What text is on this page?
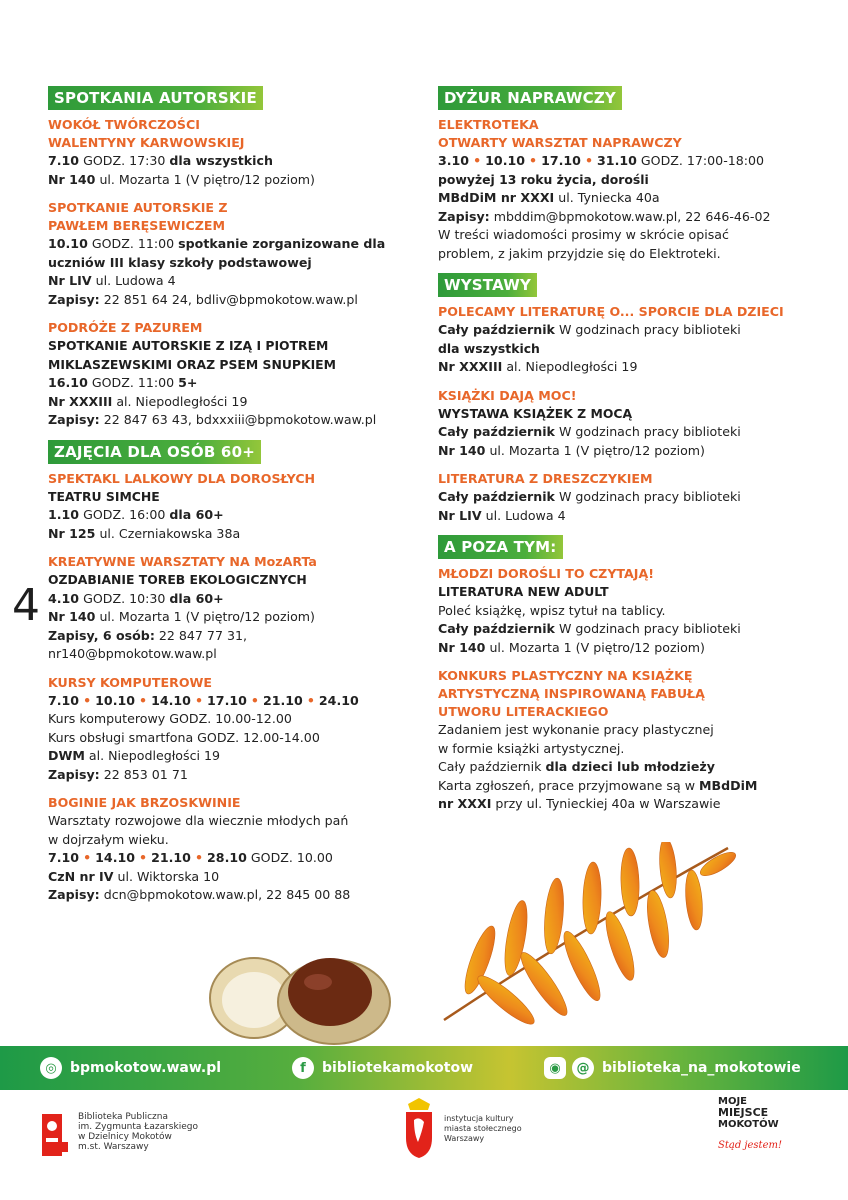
SPOTKANIA AUTORSKIE
WOKÓŁ TWÓRCZOŚCI WALENTYNY KARWOWSKIEJ
7.10 GODZ. 17:30 dla wszystkich
Nr 140 ul. Mozarta 1 (V piętro/12 poziom)
SPOTKANIE AUTORSKIE Z PAWŁEM BERĘSEWICZEM
10.10 GODZ. 11:00 spotkanie zorganizowane dla uczniów III klasy szkoły podstawowej
Nr LIV ul. Ludowa 4
Zapisy: 22 851 64 24, bdliv@bpmokotow.waw.pl
PODRÓŻE Z PAZUREM
SPOTKANIE AUTORSKIE Z IZĄ I PIOTREM MIKLASZEWSKIMI ORAZ PSEM SNUPKIEM
16.10 GODZ. 11:00 5+
Nr XXXIII al. Niepodległości 19
Zapisy: 22 847 63 43, bdxxxiii@bpmokotow.waw.pl
ZAJĘCIA DLA OSÓB 60+
SPEKTAKL LALKOWY DLA DOROSŁYCH
TEATRU SIMCHE
1.10 GODZ. 16:00 dla 60+
Nr 125 ul. Czerniakowska 38a
KREATYWNE WARSZTATY NA MozARTa
OZDABIANIE TOREB EKOLOGICZNYCH
4.10 GODZ. 10:30 dla 60+
Nr 140 ul. Mozarta 1 (V piętro/12 poziom)
Zapisy, 6 osób: 22 847 77 31,
nr140@bpmokotow.waw.pl
KURSY KOMPUTEROWE
7.10 • 10.10 • 14.10 • 17.10 • 21.10 • 24.10
Kurs komputerowy GODZ. 10.00-12.00
Kurs obsługi smartfona GODZ. 12.00-14.00
DWM al. Niepodległości 19
Zapisy: 22 853 01 71
BOGINIE JAK BRZOSKWINIE
Warsztaty rozwojowe dla wiecznie młodych pań
w dojrzałym wieku.
7.10 • 14.10 • 21.10 • 28.10 GODZ. 10.00
CzN nr IV ul. Wiktorska 10
Zapisy: dcn@bpmokotow.waw.pl, 22 845 00 88
DYŻUR NAPRAWCZY
ELEKTROTEKA
OTWARTY WARSZTAT NAPRAWCZY
3.10 • 10.10 • 17.10 • 31.10 GODZ. 17:00-18:00
powyżej 13 roku życia, dorośli
MBdDiM nr XXXI ul. Tyniecka 40a
Zapisy: mbddim@bpmokotow.waw.pl, 22 646-46-02
W treści wiadomości prosimy w skrócie opisać
problem, z jakim przyjdzie się do Elektroteki.
WYSTAWY
POLECAMY LITERATURĘ O... SPORCIE DLA DZIECI
Cały październik W godzinach pracy biblioteki
dla wszystkich
Nr XXXIII al. Niepodległości 19
KSIĄŻKI DAJĄ MOC!
WYSTAWA KSIĄŻEK Z MOCĄ
Cały październik W godzinach pracy biblioteki
Nr 140 ul. Mozarta 1 (V piętro/12 poziom)
LITERATURA Z DRESZCZYKIEM
Cały październik W godzinach pracy biblioteki
Nr LIV ul. Ludowa 4
A POZA TYM:
MŁODZI DOROŚLI TO CZYTAJĄ!
LITERATURA NEW ADULT
Poleć książkę, wpisz tytuł na tablicy.
Cały październik W godzinach pracy biblioteki
Nr 140 ul. Mozarta 1 (V piętro/12 poziom)
KONKURS PLASTYCZNY NA KSIĄŻKĘ ARTYSTYCZNĄ INSPIROWANĄ FABUŁĄ UTWORU LITERACKIEGO
Zadaniem jest wykonanie pracy plastycznej
w formie książki artystycznej.
Cały październik dla dzieci lub młodzieży
Karta zgłoszeń, prace przyjmowane są w MBdDiM
nr XXXI przy ul. Tynieckiej 40a w Warszawie
4
◎ bpmokotow.waw.pl	f	bibliotekamokotow	◉	@ biblioteka_na_mokotowie
Biblioteka Publiczna
im. Zygmunta Łazarskiego
w Dzielnicy Mokotów
m.st. Warszawy
instytucja kultury
miasta stołecznego
Warszawy
MOJE
MIEJSCE
MOKOTÓW
Stąd jestem!
